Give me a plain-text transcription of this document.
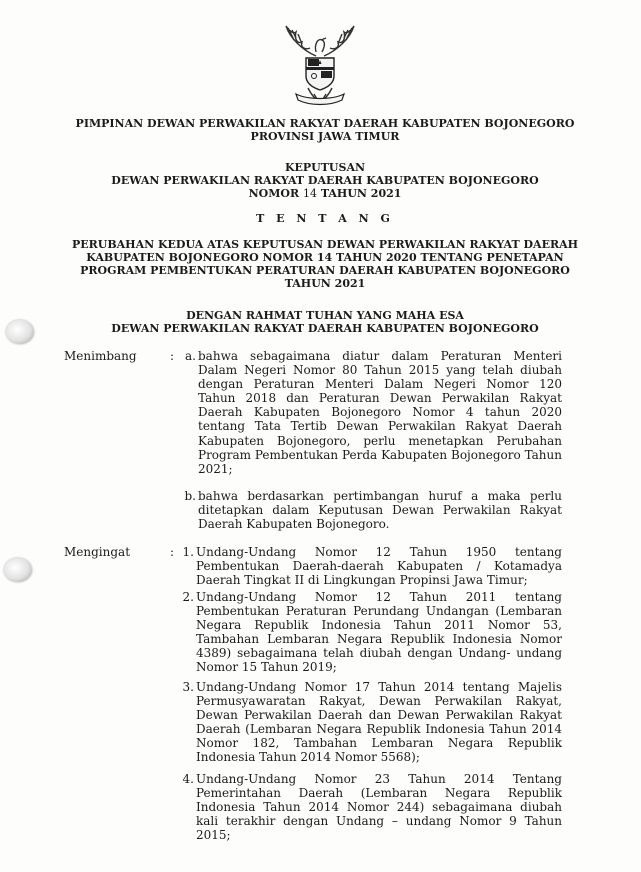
PIMPINAN DEWAN PERWAKILAN RAKYAT DAERAH KABUPATEN BOJONEGORO
PROVINSI JAWA TIMUR
KEPUTUSAN
DEWAN PERWAKILAN RAKYAT DAERAH KABUPATEN BOJONEGORO
NOMOR 14 TAHUN 2021
T E N T A N G
PERUBAHAN KEDUA ATAS KEPUTUSAN DEWAN PERWAKILAN RAKYAT DAERAH
KABUPATEN BOJONEGORO NOMOR 14 TAHUN 2020 TENTANG PENETAPAN
PROGRAM PEMBENTUKAN PERATURAN DAERAH KABUPATEN BOJONEGORO
TAHUN 2021
DENGAN RAHMAT TUHAN YANG MAHA ESA
DEWAN PERWAKILAN RAKYAT DAERAH KABUPATEN BOJONEGORO
Menimbang	: a. bahwa sebagaimana diatur dalam Peraturan Menteri Dalam Negeri Nomor 80 Tahun 2015 yang telah diubah dengan Peraturan Menteri Dalam Negeri Nomor 120 Tahun 2018 dan Peraturan Dewan Perwakilan Rakyat Daerah Kabupaten Bojonegoro Nomor 4 tahun 2020 tentang Tata Tertib Dewan Perwakilan Rakyat Daerah Kabupaten Bojonegoro, perlu menetapkan Perubahan Program Pembentukan Perda Kabupaten Bojonegoro Tahun 2021;
b. bahwa berdasarkan pertimbangan huruf a maka perlu ditetapkan dalam Keputusan Dewan Perwakilan Rakyat Daerah Kabupaten Bojonegoro.
Mengingat	: 1. Undang-Undang Nomor 12 Tahun 1950 tentang Pembentukan Daerah-daerah Kabupaten / Kotamadya Daerah Tingkat II di Lingkungan Propinsi Jawa Timur;
2. Undang-Undang Nomor 12 Tahun 2011 tentang Pembentukan Peraturan Perundang Undangan (Lembaran Negara Republik Indonesia Tahun 2011 Nomor 53, Tambahan Lembaran Negara Republik Indonesia Nomor 4389) sebagaimana telah diubah dengan Undang- undang Nomor 15 Tahun 2019;
3. Undang-Undang Nomor 17 Tahun 2014 tentang Majelis Permusyawaratan Rakyat, Dewan Perwakilan Rakyat, Dewan Perwakilan Daerah dan Dewan Perwakilan Rakyat Daerah (Lembaran Negara Republik Indonesia Tahun 2014 Nomor 182, Tambahan Lembaran Negara Republik Indonesia Tahun 2014 Nomor 5568);
4. Undang-Undang Nomor 23 Tahun 2014 Tentang Pemerintahan Daerah (Lembaran Negara Republik Indonesia Tahun 2014 Nomor 244) sebagaimana diubah kali terakhir dengan Undang – undang Nomor 9 Tahun 2015;
